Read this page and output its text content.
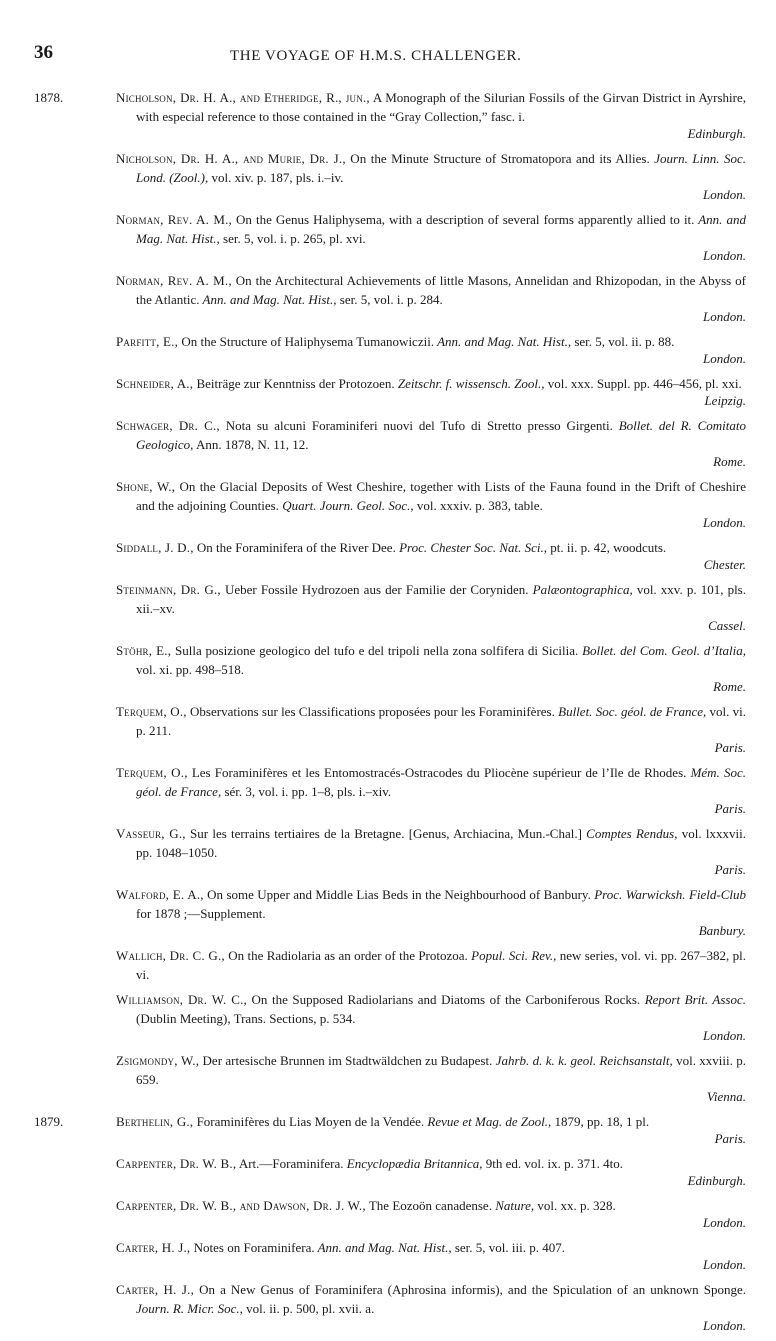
36	THE VOYAGE OF H.M.S. CHALLENGER.
1878.	Nicholson, Dr. H. A., and Etheridge, R., jun., A Monograph of the Silurian Fossils of the Girvan District in Ayrshire, with especial reference to those contained in the “Gray Collection,” fasc. i.
Edinburgh.
Nicholson, Dr. H. A., and Murie, Dr. J., On the Minute Structure of Stromatopora and its Allies. Journ. Linn. Soc. Lond. (Zool.), vol. xiv. p. 187, pls. i.–iv.
London.
Norman, Rev. A. M., On the Genus Haliphysema, with a description of several forms apparently allied to it. Ann. and Mag. Nat. Hist., ser. 5, vol. i. p. 265, pl. xvi.
London.
Norman, Rev. A. M., On the Architectural Achievements of little Masons, Annelidan and Rhizopodan, in the Abyss of the Atlantic. Ann. and Mag. Nat. Hist., ser. 5, vol. i. p. 284.
London.
Parfitt, E., On the Structure of Haliphysema Tumanowiczii. Ann. and Mag. Nat. Hist., ser. 5, vol. ii. p. 88.
London.
Schneider, A., Beiträge zur Kenntniss der Protozoen. Zeitschr. f. wissensch. Zool., vol. xxx. Suppl. pp. 446–456, pl. xxi.
Leipzig.
Schwager, Dr. C., Nota su alcuni Foraminiferi nuovi del Tufo di Stretto presso Girgenti. Bollet. del R. Comitato Geologico, Ann. 1878, N. 11, 12.
Rome.
Shone, W., On the Glacial Deposits of West Cheshire, together with Lists of the Fauna found in the Drift of Cheshire and the adjoining Counties. Quart. Journ. Geol. Soc., vol. xxxiv. p. 383, table.
London.
Siddall, J. D., On the Foraminifera of the River Dee. Proc. Chester Soc. Nat. Sci., pt. ii. p. 42, woodcuts.
Chester.
Steinmann, Dr. G., Ueber Fossile Hydrozoen aus der Familie der Coryniden. Palæontographica, vol. xxv. p. 101, pls. xii.–xv.
Cassel.
Stöhr, E., Sulla posizione geologico del tufo e del tripoli nella zona solfifera di Sicilia. Bollet. del Com. Geol. d’Italia, vol. xi. pp. 498–518.
Rome.
Terquem, O., Observations sur les Classifications proposées pour les Foraminifères. Bullet. Soc. géol. de France, vol. vi. p. 211.
Paris.
Terquem, O., Les Foraminifères et les Entomostracés-Ostracodes du Pliocène supérieur de l’Ile de Rhodes. Mém. Soc. géol. de France, sér. 3, vol. i. pp. 1–8, pls. i.–xiv.
Paris.
Vasseur, G., Sur les terrains tertiaires de la Bretagne. [Genus, Archiacina, Mun.-Chal.] Comptes Rendus, vol. lxxxvii. pp. 1048–1050.
Paris.
Walford, E. A., On some Upper and Middle Lias Beds in the Neighbourhood of Banbury. Proc. Warwicksh. Field-Club for 1878 ;—Supplement.
Banbury.
Wallich, Dr. C. G., On the Radiolaria as an order of the Protozoa. Popul. Sci. Rev., new series, vol. vi. pp. 267–382, pl. vi.
Williamson, Dr. W. C., On the Supposed Radiolarians and Diatoms of the Carboniferous Rocks. Report Brit. Assoc. (Dublin Meeting), Trans. Sections, p. 534.
London.
Zsigmondy, W., Der artesische Brunnen im Stadtwäldchen zu Budapest. Jahrb. d. k. k. geol. Reichsanstalt, vol. xxviii. p. 659.
Vienna.
1879.	Berthelin, G., Foraminifères du Lias Moyen de la Vendée. Revue et Mag. de Zool., 1879, pp. 18, 1 pl.
Paris.
Carpenter, Dr. W. B., Art.—Foraminifera. Encyclopædia Britannica, 9th ed. vol. ix. p. 371. 4to.
Edinburgh.
Carpenter, Dr. W. B., and Dawson, Dr. J. W., The Eozoön canadense. Nature, vol. xx. p. 328.
London.
Carter, H. J., Notes on Foraminifera. Ann. and Mag. Nat. Hist., ser. 5, vol. iii. p. 407.
London.
Carter, H. J., On a New Genus of Foraminifera (Aphrosina informis), and the Spiculation of an unknown Sponge. Journ. R. Micr. Soc., vol. ii. p. 500, pl. xvii. a.
London.
